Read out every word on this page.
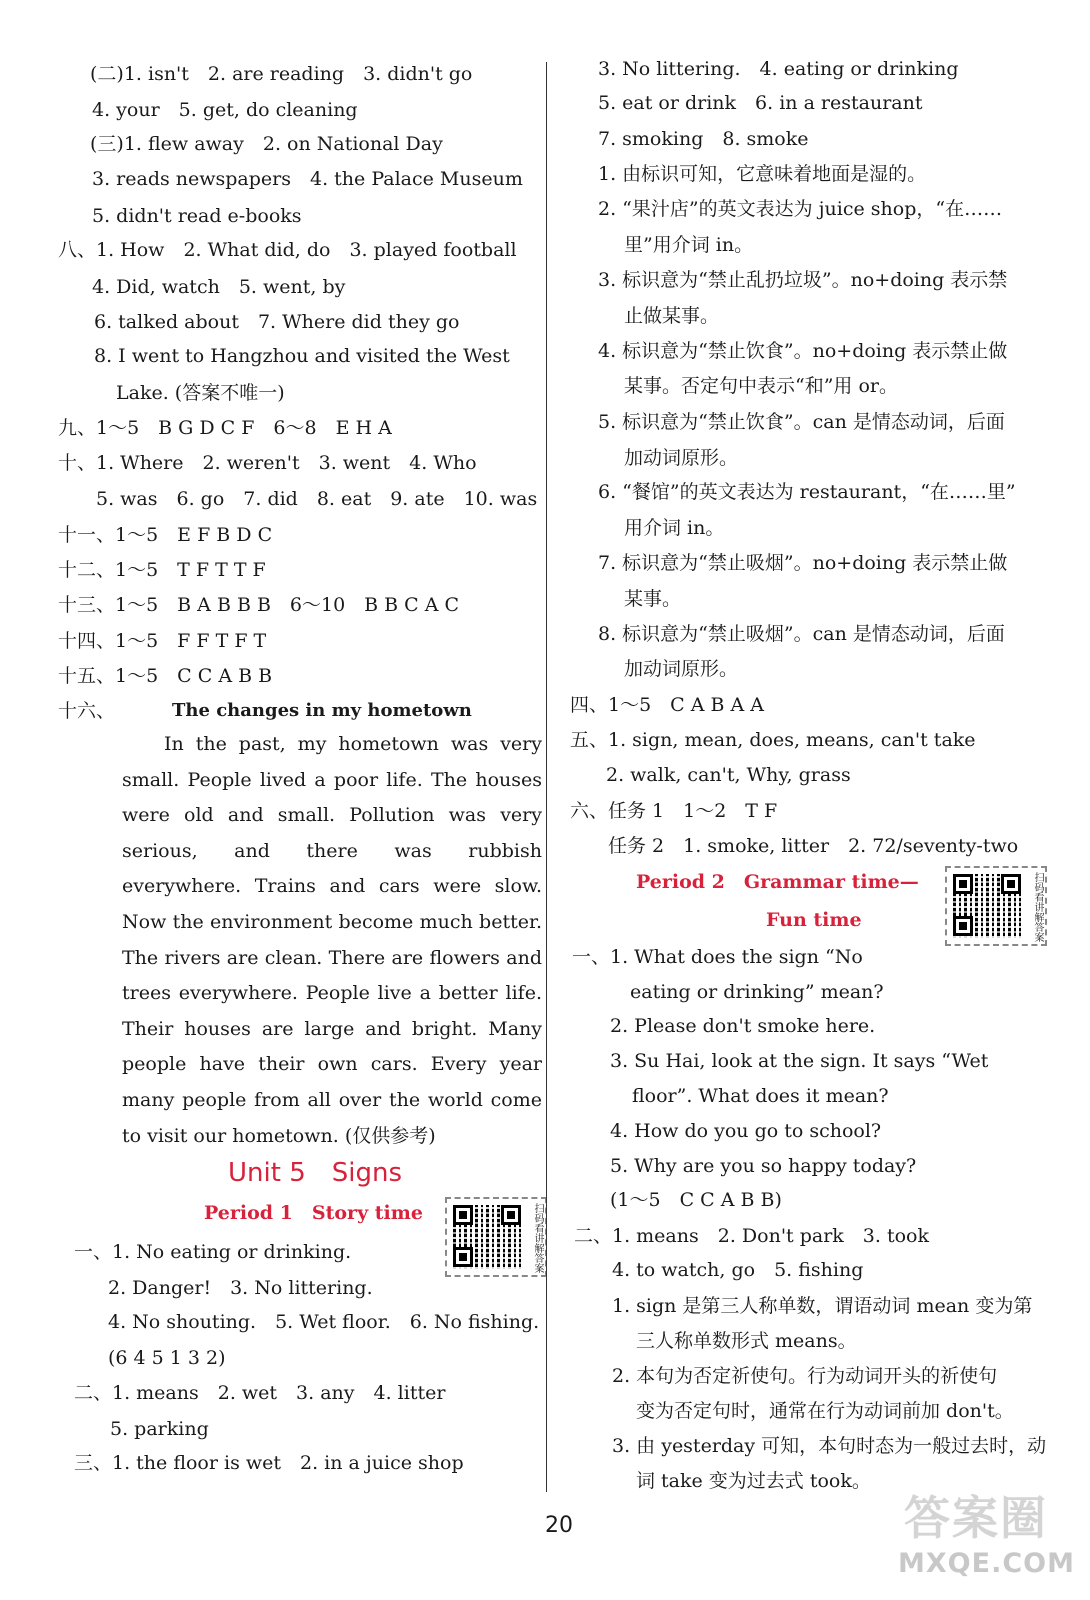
(二)1. isn't　2. are reading　3. didn't go
4. your　5. get, do cleaning
(三)1. flew away　2. on National Day
3. reads newspapers　4. the Palace Museum
5. didn't read e-books
八、1. How　2. What did, do　3. played football
4. Did, watch　5. went, by
6. talked about　7. Where did they go
8. I went to Hangzhou and visited the West
Lake. (答案不唯一)
九、1～5　B G D C F　6～8　E H A
十、1. Where　2. weren't　3. went　4. Who
5. was　6. go　7. did　8. eat　9. ate　10. was
十一、1～5　E F B D C
十二、1～5　T F T T F
十三、1～5　B A B B B　6～10　B B C A C
十四、1～5　F F T F T
十五、1～5　C C A B B
十六、	The changes in my hometown
In the past, my hometown was very small. People lived a poor life. The houses were old and small. Pollution was very serious, and there was rubbish everywhere. Trains and cars were slow. Now the environment become much better. The rivers are clean. There are flowers and trees everywhere. People live a better life. Their houses are large and bright. Many people have their own cars. Every year many people from all over the world come to visit our hometown. (仅供参考)
Unit 5　Signs
Period 1　Story time	扫码看讲解答案
一、1. No eating or drinking.
2. Danger!　3. No littering.
4. No shouting.　5. Wet floor.　6. No fishing.
(6 4 5 1 3 2)
二、1. means　2. wet　3. any　4. litter
5. parking
三、1. the floor is wet　2. in a juice shop
3. No littering.　4. eating or drinking
5. eat or drink　6. in a restaurant
7. smoking　8. smoke
1. 由标识可知，它意味着地面是湿的。
2. “果汁店”的英文表达为 juice shop，“在……
里”用介词 in。
3. 标识意为“禁止乱扔垃圾”。no+doing 表示禁
止做某事。
4. 标识意为“禁止饮食”。no+doing 表示禁止做
某事。否定句中表示“和”用 or。
5. 标识意为“禁止饮食”。can 是情态动词，后面
加动词原形。
6. “餐馆”的英文表达为 restaurant，“在……里”
用介词 in。
7. 标识意为“禁止吸烟”。no+doing 表示禁止做
某事。
8. 标识意为“禁止吸烟”。can 是情态动词，后面
加动词原形。
四、1～5　C A B A A
五、1. sign, mean, does, means, can't take
2. walk, can't, Why, grass
六、任务 1　1～2　T F
任务 2　1. smoke, litter　2. 72/seventy-two
Period 2　Grammar time—
Fun time	扫码看讲解答案
一、1. What does the sign “No
eating or drinking” mean?
2. Please don't smoke here.
3. Su Hai, look at the sign. It says “Wet
floor”. What does it mean?
4. How do you go to school?
5. Why are you so happy today?
(1～5　C C A B B)
二、1. means　2. Don't park　3. took
4. to watch, go　5. fishing
1. sign 是第三人称单数，谓语动词 mean 变为第
三人称单数形式 means。
2. 本句为否定祈使句。行为动词开头的祈使句
变为否定句时，通常在行为动词前加 don't。
3. 由 yesterday 可知，本句时态为一般过去时，动
词 take 变为过去式 took。
20	答案圈
MXQE.COM
